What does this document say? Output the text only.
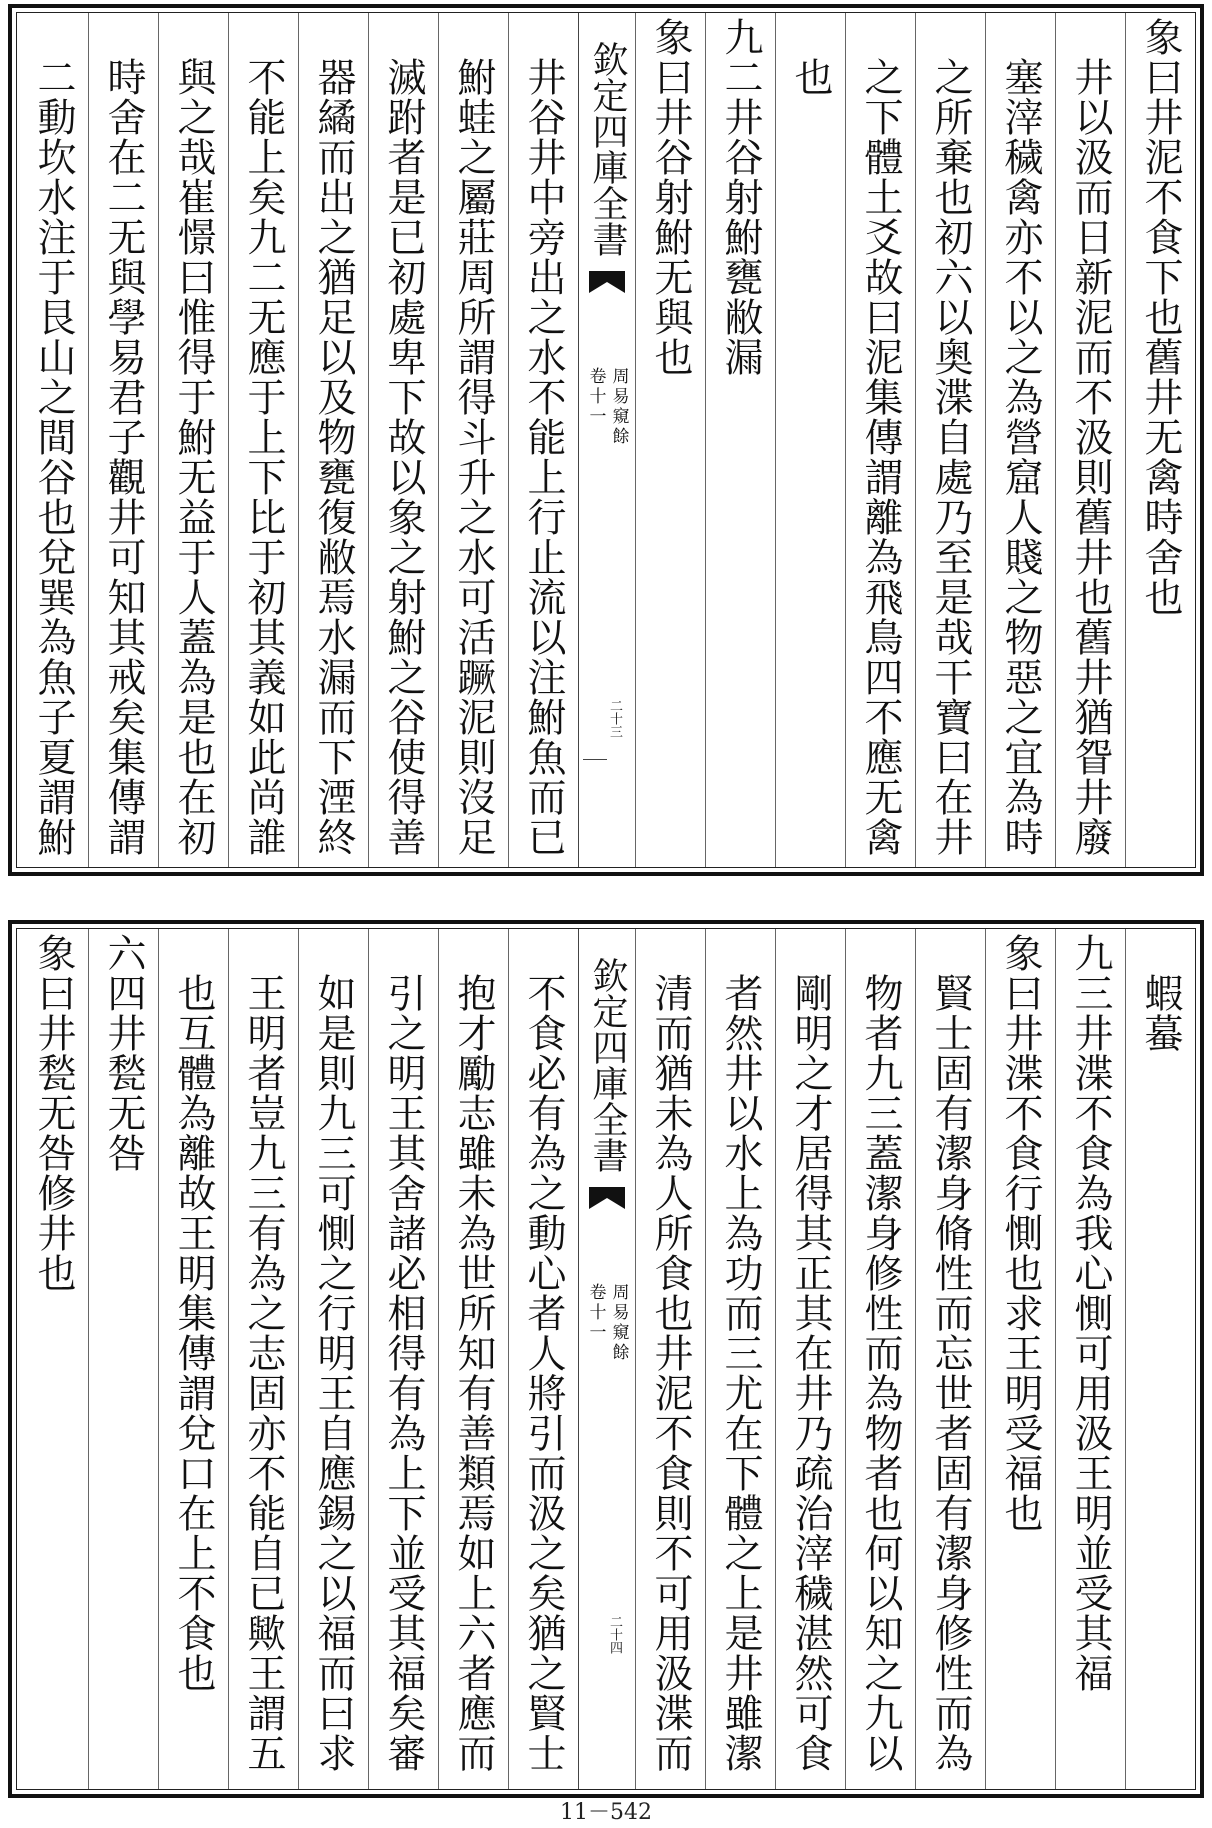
象曰井泥不食下也舊井无禽時舍也
井以汲而日新泥而不汲則舊井也舊井猶眢井廢
塞滓穢禽亦不以之為營窟人賤之物惡之宜為時
之所棄也初六以奥渫自處乃至是哉干寶曰在井
之下體土爻故曰泥集傳謂離為飛鳥四不應无禽
也
九二井谷射鮒甕敝漏
象曰井谷射鮒无與也
欽定四庫全書
周易窺餘
卷十一
二十三
井谷井中旁出之水不能上行止流以注鮒魚而已
鮒蛙之屬莊周所謂得斗升之水可活蹶泥則沒足
滅跗者是已初處卑下故以象之射鮒之谷使得善
器繘而出之猶足以及物甕復敝焉水漏而下湮終
不能上矣九二无應于上下比于初其義如此尚誰
與之哉崔憬曰惟得于鮒无益于人蓋為是也在初
時舍在二无與學易君子觀井可知其戒矣集傳謂
二動坎水注于艮山之間谷也兌巽為魚子夏謂鮒
蝦蟇
九三井渫不食為我心惻可用汲王明並受其福
象曰井渫不食行惻也求王明受福也
賢士固有潔身脩性而忘世者固有潔身修性而為
物者九三蓋潔身修性而為物者也何以知之九以
剛明之才居得其正其在井乃疏治滓穢湛然可食
者然井以水上為功而三尤在下體之上是井雖潔
清而猶未為人所食也井泥不食則不可用汲渫而
欽定四庫全書
周易窺餘
卷十一
二十四
不食必有為之動心者人將引而汲之矣猶之賢士
抱才勵志雖未為世所知有善類焉如上六者應而
引之明王其舍諸必相得有為上下並受其福矣審
如是則九三可惻之行明王自應錫之以福而曰求
王明者豈九三有為之志固亦不能自已歟王謂五
也互體為離故王明集傳謂兌口在上不食也
六四井甃无咎
象曰井甃无咎修井也
11－542
